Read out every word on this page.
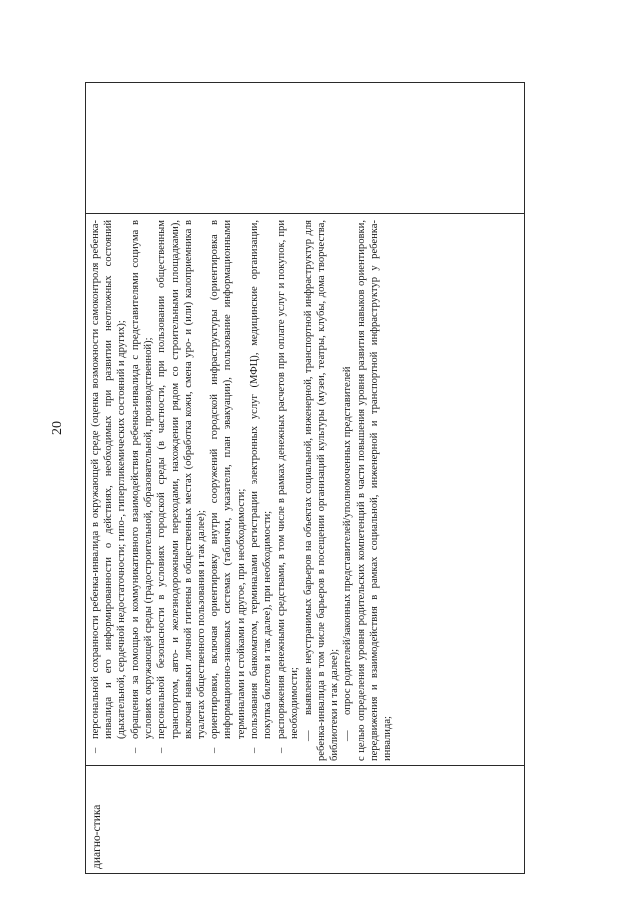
20
диагно-стика
–персональной сохранности ребенка-инвалида в окружающей среде (оценка возможности самоконтроля ребенка-инвалида и его информированности о действиях, необходимых при развитии неотложных состояний (дыхательной, сердечной недостаточности; гипо-, гипергликемических состояний и других);
–обращения за помощью и коммуникативного взаимодействия ребенка-инвалида с представителями социума в условиях окружающей среды (градостроительной, образовательной, производственной);
–персональной безопасности в условиях городской среды (в частности, при пользовании общественным транспортом, авто- и железнодорожными переходами, нахождении рядом со строительными площадками), включая навыки личной гигиены в общественных местах (обработка кожи, смена уро- и (или) калоприемника в туалетах общественного пользования и так далее);
–ориентировки, включая ориентировку внутри сооружений городской инфраструктуры (ориентировка в информационно-знаковых системах (таблички, указатели, план эвакуации), пользование информационными терминалами и стойками и другое, при необходимости;
–пользования банкоматом, терминалами регистрации электронных услуг (МФЦ), медицинские организации, покупка билетов и так далее), при необходимости;
–распоряжения денежными средствами, в том числе в рамках денежных расчетов при оплате услуг и покупок, при необходимости; —выявление неустранимых барьеров на объектах социальной, инженерной, транспортной инфраструктур для ребенка-инвалида в том числе барьеров в посещении организаций культуры (музеи, театры, клубы, дома творчества, библиотеки и так далее); —опрос родителей/законных представителей/уполномоченных представителей с целью определения уровня родительских компетенций в части повышения уровня развития навыков ориентировки, передвижения и взаимодействия в рамках социальной, инженерной и транспортной инфраструктур у ребенка-инвалида;
